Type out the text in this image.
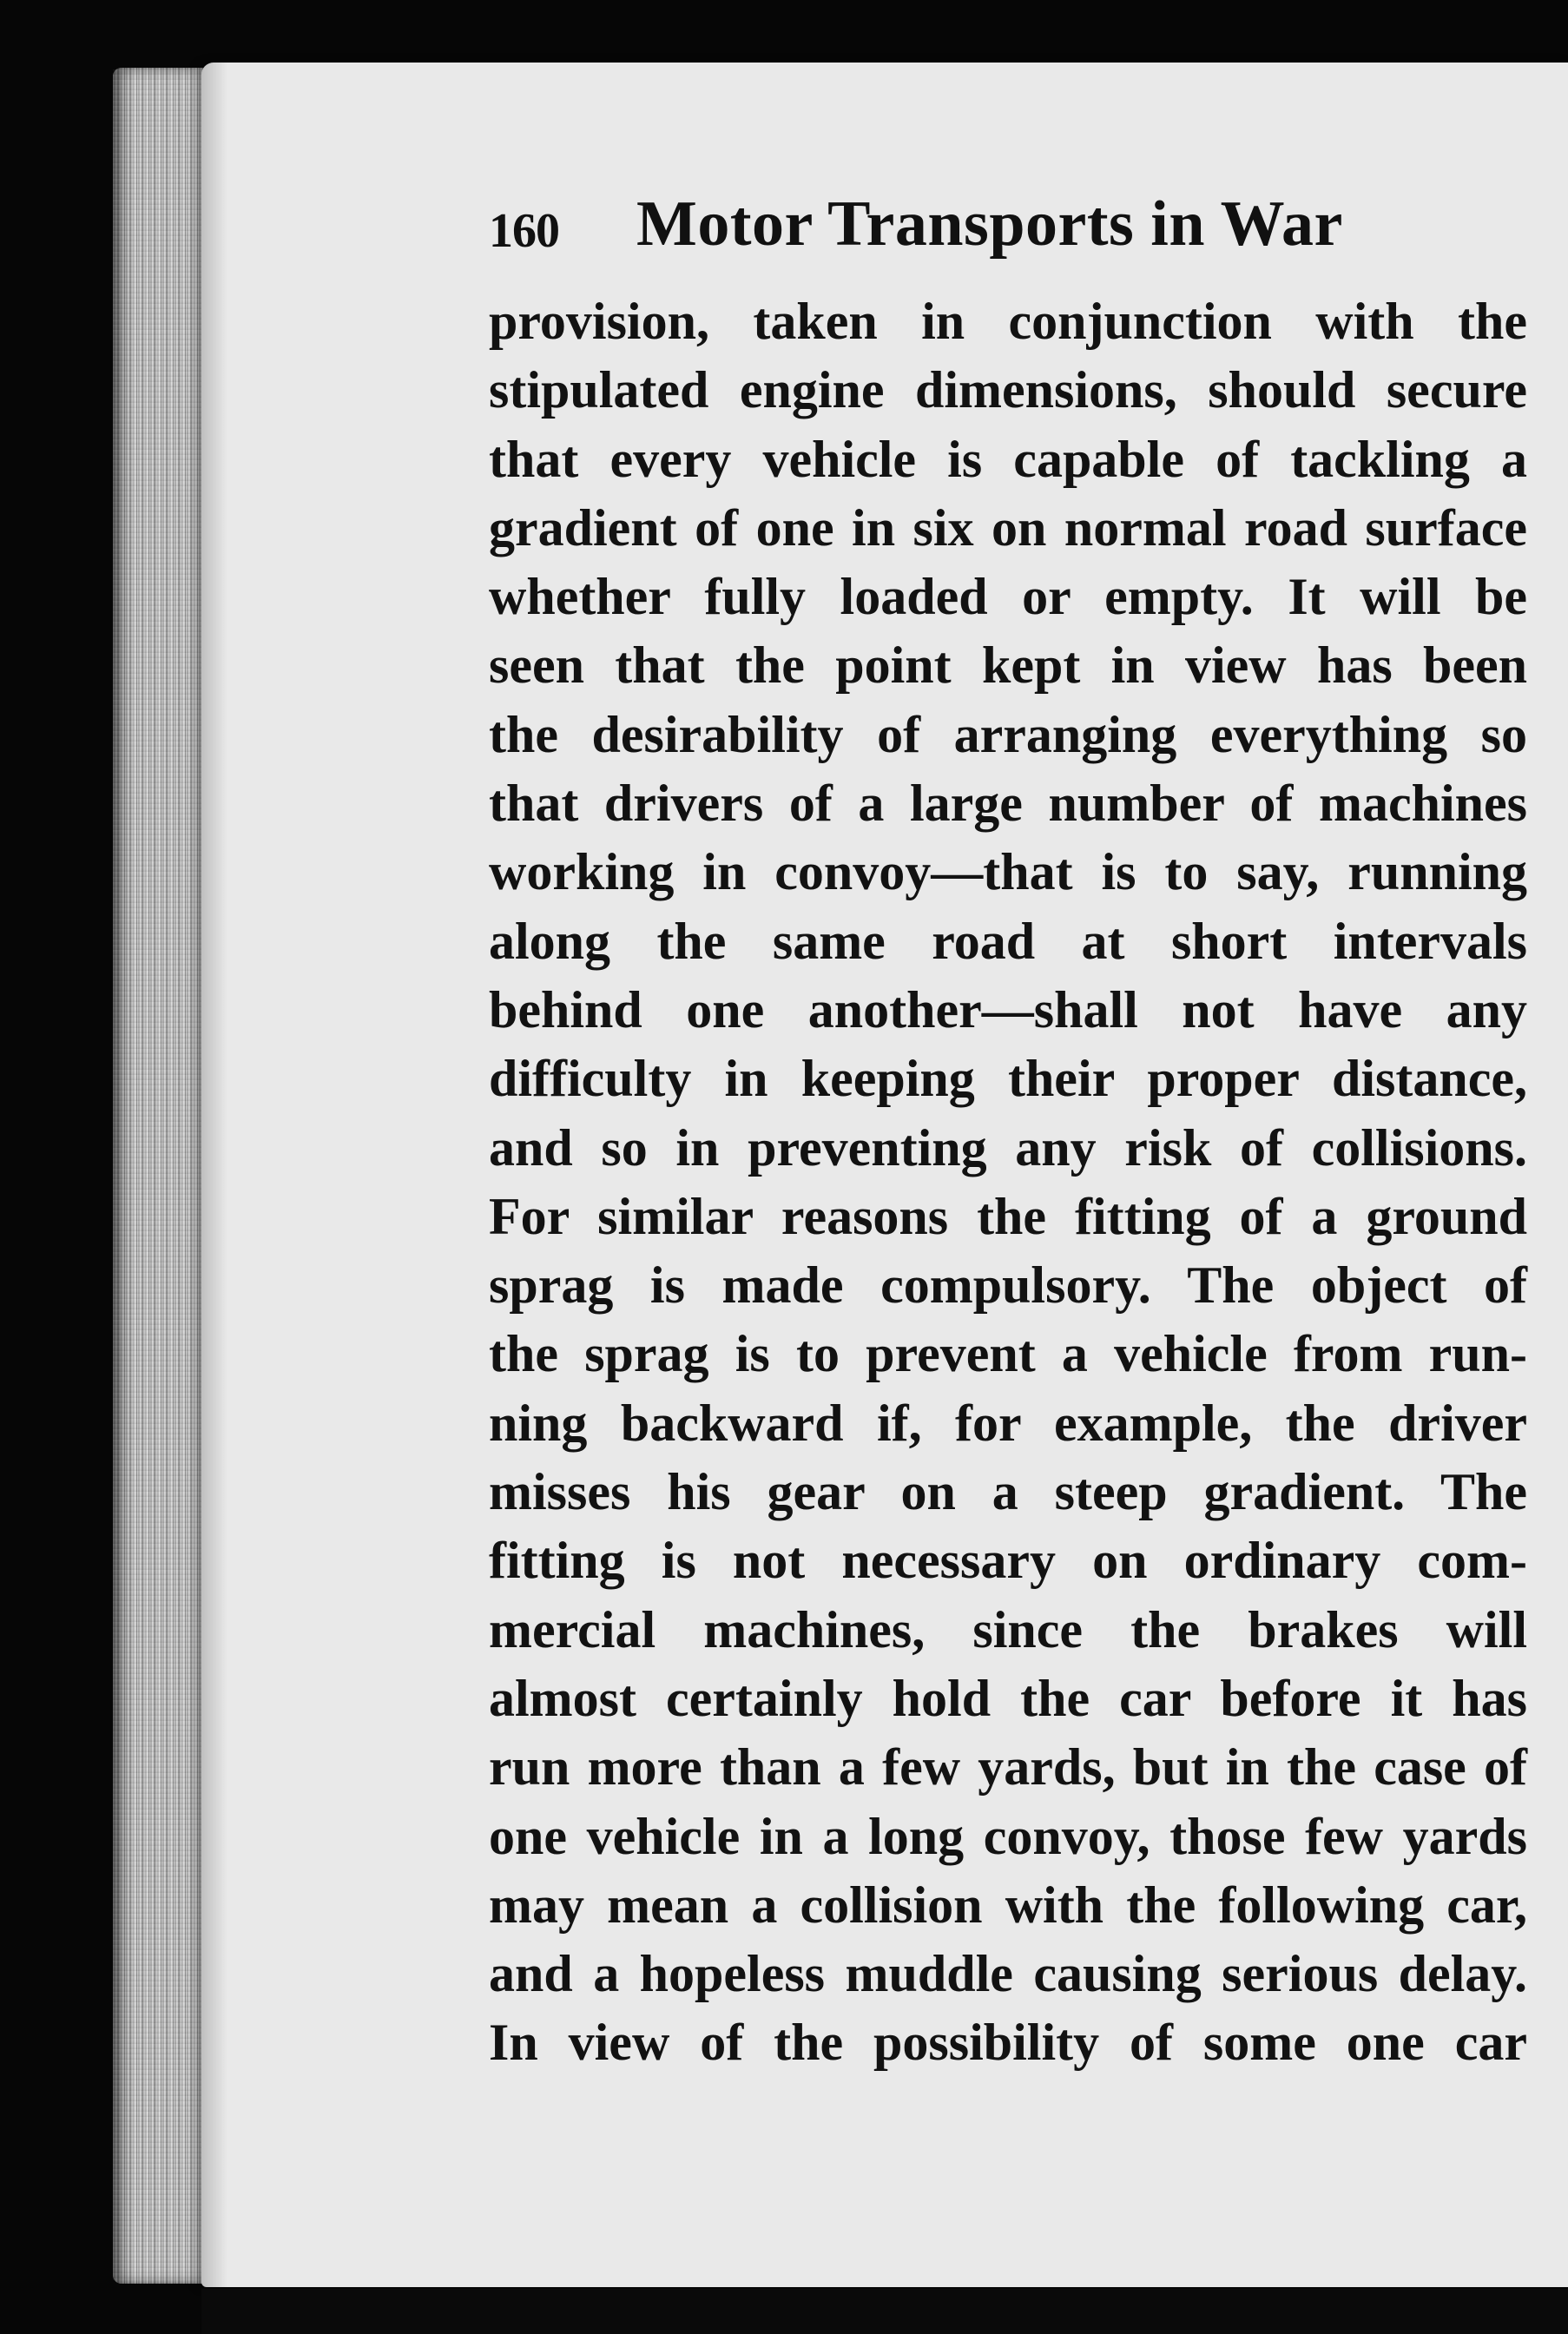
160 Motor Transports in War
provision, taken in conjunction with the
stipulated engine dimensions, should secure
that every vehicle is capable of tackling a
gradient of one in six on normal road surface
whether fully loaded or empty. It will be
seen that the point kept in view has been
the desirability of arranging everything so
that drivers of a large number of machines
working in convoy—that is to say, running
along the same road at short intervals
behind one another—shall not have any
difficulty in keeping their proper distance,
and so in preventing any risk of collisions.
For similar reasons the fitting of a ground
sprag is made compulsory. The object of
the sprag is to prevent a vehicle from run-
ning backward if, for example, the driver
misses his gear on a steep gradient. The
fitting is not necessary on ordinary com-
mercial machines, since the brakes will
almost certainly hold the car before it has
run more than a few yards, but in the case of
one vehicle in a long convoy, those few yards
may mean a collision with the following car,
and a hopeless muddle causing serious delay.
In view of the possibility of some one car
